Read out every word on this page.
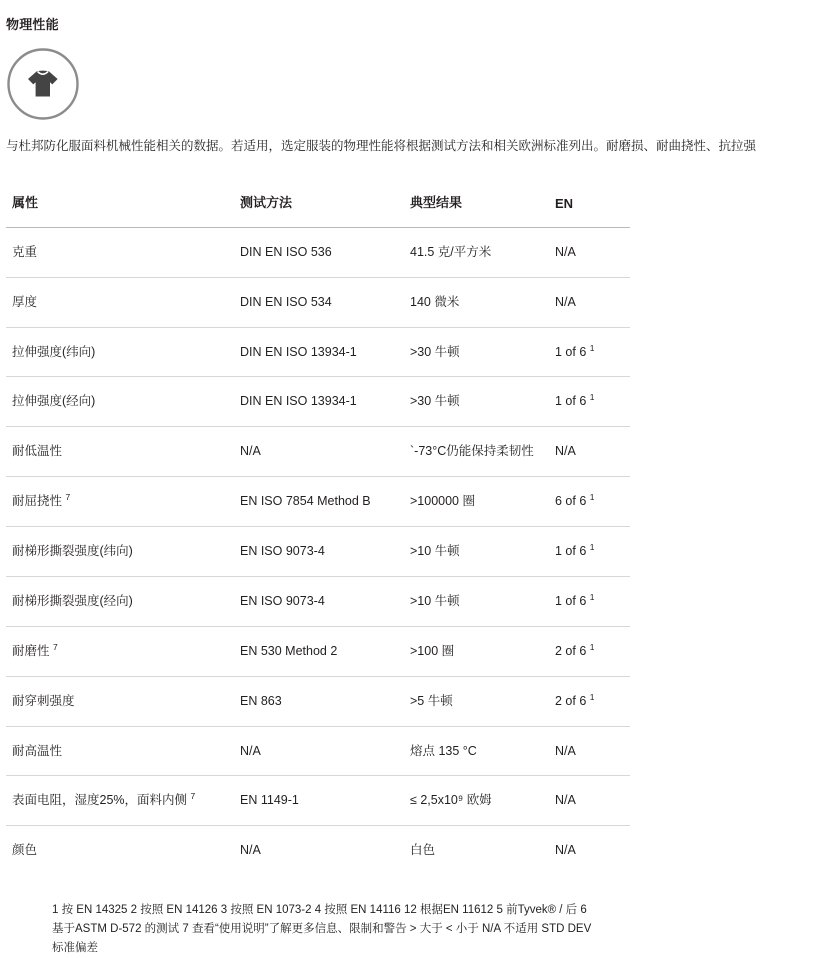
物理性能
与杜邦防化服面料机械性能相关的数据。若适用，选定服装的物理性能将根据测试方法和相关欧洲标准列出。耐磨损、耐曲挠性、抗拉强
属性	测试方法	典型结果	EN
克重	DIN EN ISO 536	41.5 克/平方米	N/A
厚度	DIN EN ISO 534	140 微米	N/A
拉伸强度(纬向)	DIN EN ISO 13934-1	>30 牛顿	1 of 6 $^1$
拉伸强度(经向)	DIN EN ISO 13934-1	>30 牛顿	1 of 6 $^1$
耐低温性	N/A	`-73°C仍能保持柔韧性	N/A
耐屈挠性 $^7$	EN ISO 7854 Method B	>100000 圈	6 of 6 $^1$
耐梯形撕裂强度(纬向)	EN ISO 9073-4	>10 牛顿	1 of 6 $^1$
耐梯形撕裂强度(经向)	EN ISO 9073-4	>10 牛顿	1 of 6 $^1$
耐磨性 $^7$	EN 530 Method 2	>100 圈	2 of 6 $^1$
耐穿刺强度	EN 863	>5 牛顿	2 of 6 $^1$
耐高温性	N/A	熔点 135 °C	N/A
表面电阻，湿度25%，面料内侧 $^7$	EN 1149-1	≤ 2,5x10⁹ 欧姆	N/A
颜色	N/A	白色	N/A
1 按 EN 14325 2 按照 EN 14126 3 按照 EN 1073-2 4 按照 EN 14116 12 根据EN 11612 5 前Tyvek® / 后 6
基于ASTM D-572 的测试 7 查看“使用说明”了解更多信息、限制和警告 > 大于 < 小于 N/A 不适用 STD DEV
标准偏差
